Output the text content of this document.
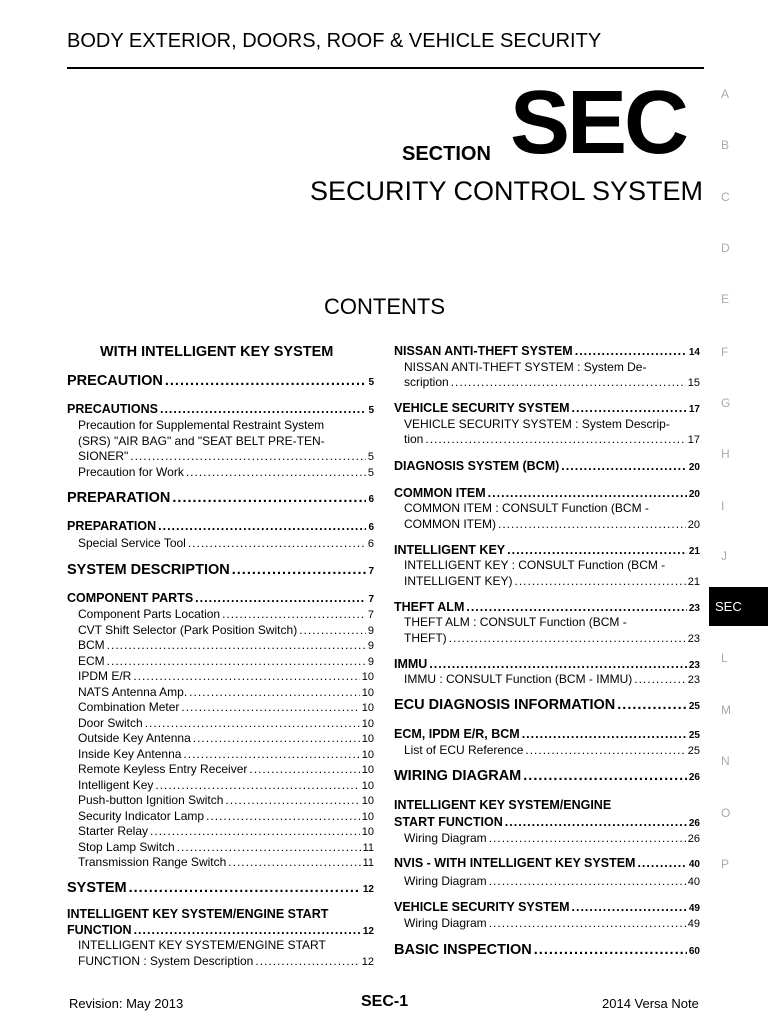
BODY EXTERIOR, DOORS, ROOF & VEHICLE SECURITY
SECTION SEC
SECURITY CONTROL SYSTEM
CONTENTS
A
B
C
D
E
F
G
H
I
J
SEC
L
M
N
O
P
WITH INTELLIGENT KEY SYSTEM
PRECAUTION .....	5
PRECAUTIONS .....	5
Precaution for Supplemental Restraint System
(SRS) "AIR BAG" and "SEAT BELT PRE-TEN-
SIONER" .....	5
Precaution for Work .....	5
PREPARATION .....	6
PREPARATION .....	6
Special Service Tool .....	6
SYSTEM DESCRIPTION .....	7
COMPONENT PARTS .....	7
Component Parts Location .....	7
CVT Shift Selector (Park Position Switch) .....	9
BCM .....	9
ECM .....	9
IPDM E/R .....	10
NATS Antenna Amp. .....	10
Combination Meter .....	10
Door Switch .....	10
Outside Key Antenna .....	10
Inside Key Antenna .....	10
Remote Keyless Entry Receiver .....	10
Intelligent Key .....	10
Push-button Ignition Switch .....	10
Security Indicator Lamp .....	10
Starter Relay .....	10
Stop Lamp Switch .....	11
Transmission Range Switch .....	11
SYSTEM .....	12
INTELLIGENT KEY SYSTEM/ENGINE START
FUNCTION .....	12
INTELLIGENT KEY SYSTEM/ENGINE START
FUNCTION : System Description .....	12
NISSAN ANTI-THEFT SYSTEM .....	14
NISSAN ANTI-THEFT SYSTEM : System De-
scription .....	15
VEHICLE SECURITY SYSTEM .....	17
VEHICLE SECURITY SYSTEM : System Descrip-
tion .....	17
DIAGNOSIS SYSTEM (BCM) .....	20
COMMON ITEM .....	20
COMMON ITEM : CONSULT Function (BCM -
COMMON ITEM) .....	20
INTELLIGENT KEY .....	21
INTELLIGENT KEY : CONSULT Function (BCM -
INTELLIGENT KEY) .....	21
THEFT ALM .....	23
THEFT ALM : CONSULT Function (BCM -
THEFT) .....	23
IMMU .....	23
IMMU : CONSULT Function (BCM - IMMU) .....	23
ECU DIAGNOSIS INFORMATION .....	25
ECM, IPDM E/R, BCM .....	25
List of ECU Reference .....	25
WIRING DIAGRAM .....	26
INTELLIGENT KEY SYSTEM/ENGINE
START FUNCTION .....	26
Wiring Diagram .....	26
NVIS - WITH INTELLIGENT KEY SYSTEM .....	40
Wiring Diagram .....	40
VEHICLE SECURITY SYSTEM .....	49
Wiring Diagram .....	49
BASIC INSPECTION .....	60
Revision: May 2013	SEC-1	2014 Versa Note
